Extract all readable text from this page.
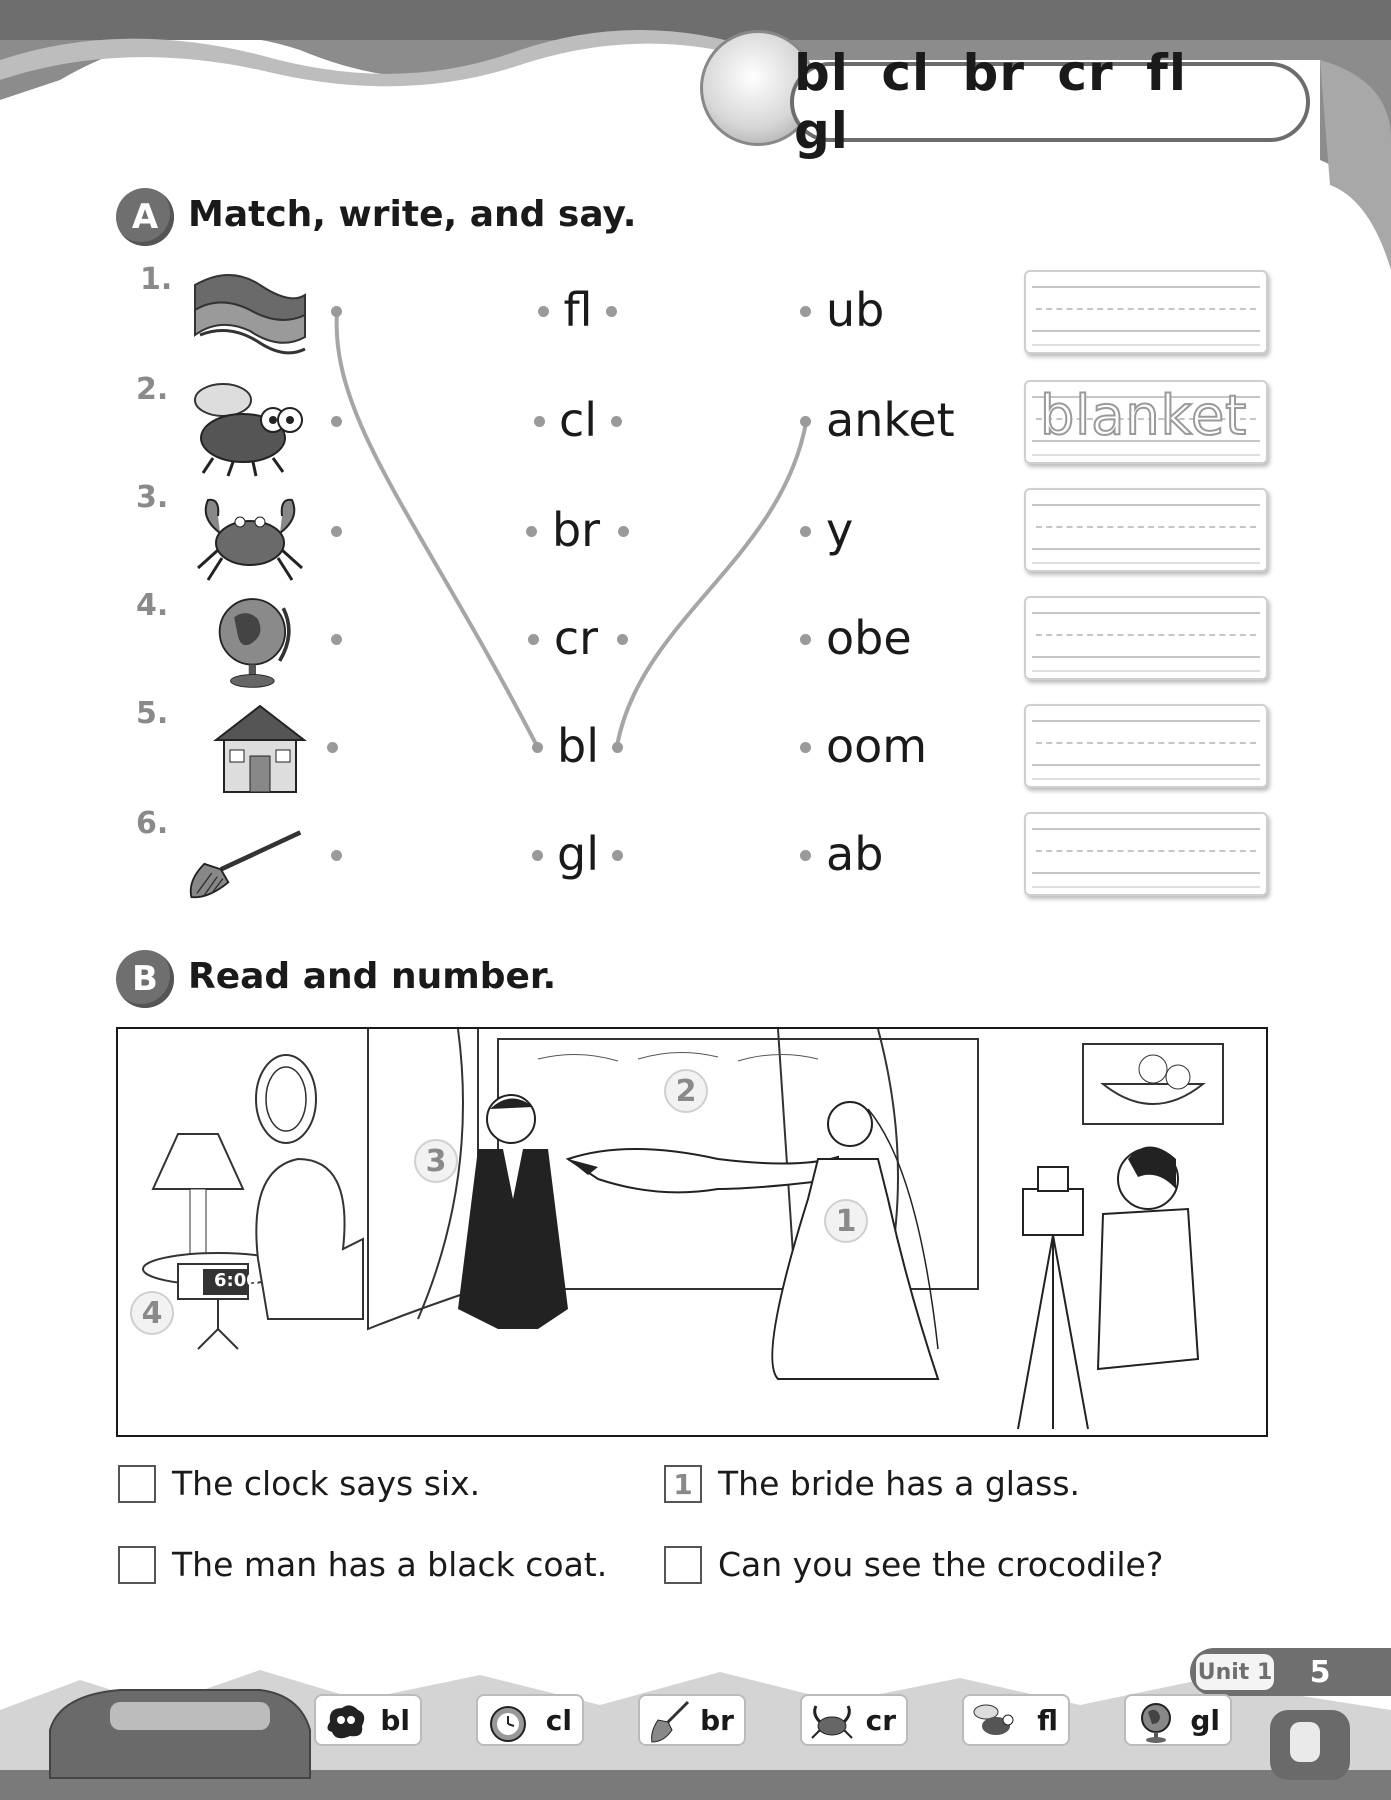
bl cl br cr fl gl
A Match, write, and say.
1.
fl	ub
2.
cl	anket blanket
3.
br	y
4.
cr	obe
5.
bl	oom
6.
gl	ab
B Read and number.
6:00
1
2
3
4
The clock says six.	1 The bride has a glass.
The man has a black coat.	Can you see the crocodile?
Unit 1	5
bl	cl	br	cr	fl	gl
